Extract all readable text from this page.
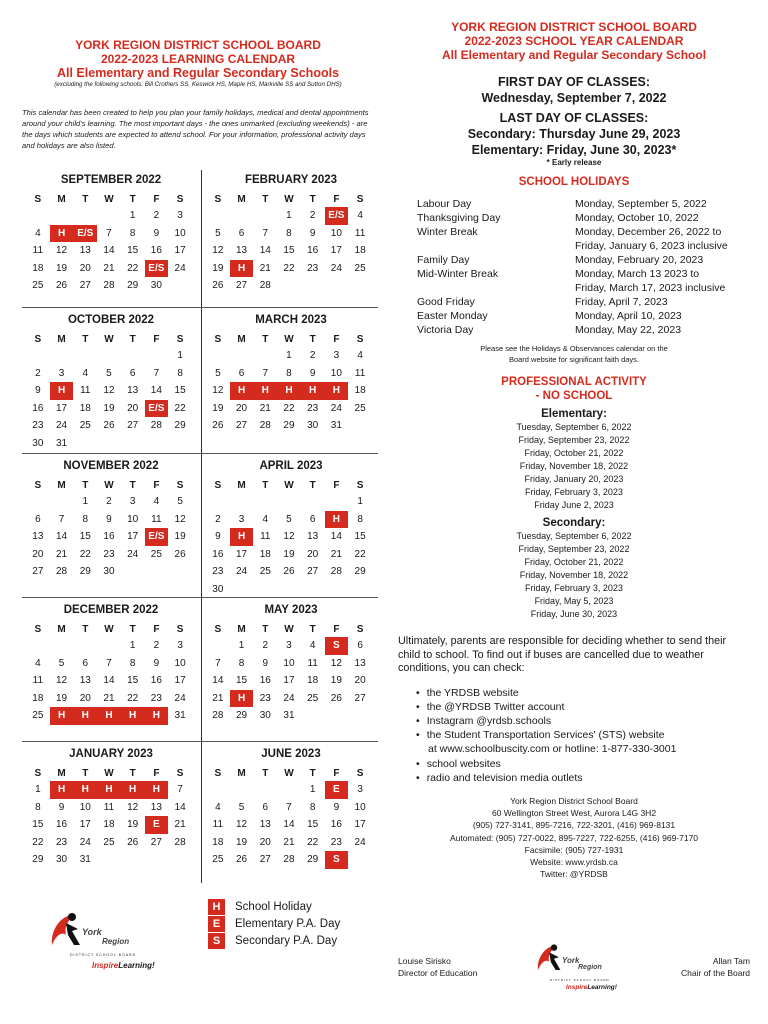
YORK REGION DISTRICT SCHOOL BOARD
2022-2023 LEARNING CALENDAR
All Elementary and Regular Secondary Schools
(excluding the following schools: Bill Crothers SS, Keswick HS, Maple HS, Markville SS and Sutton DHS)
This calendar has been created to help you plan your family holidays, medical and dental appointments around your child's learning. The most important days - the ones unmarked (excluding weekends) - are the days which students are expected to attend school. For your information, professional activity days and holidays are also listed.
SEPTEMBER 2022
S	M	T	W	T	F	S
				1	2	3
4	H	E/S	7	8	9	10
11	12	13	14	15	16	17
18	19	20	21	22	E/S	24
25	26	27	28	29	30	
OCTOBER 2022
S	M	T	W	T	F	S
						1
2	3	4	5	6	7	8
9	H	11	12	13	14	15
16	17	18	19	20	E/S	22
23	24	25	26	27	28	29
30	31					
NOVEMBER 2022
S	M	T	W	T	F	S
		1	2	3	4	5
6	7	8	9	10	11	12
13	14	15	16	17	E/S	19
20	21	22	23	24	25	26
27	28	29	30			
DECEMBER 2022
S	M	T	W	T	F	S
				1	2	3
4	5	6	7	8	9	10
11	12	13	14	15	16	17
18	19	20	21	22	23	24
25	H	H	H	H	H	31
JANUARY 2023
S	M	T	W	T	F	S
1	H	H	H	H	H	7
8	9	10	11	12	13	14
15	16	17	18	19	E	21
22	23	24	25	26	27	28
29	30	31				
FEBRUARY 2023
S	M	T	W	T	F	S
			1	2	E/S	4
5	6	7	8	9	10	11
12	13	14	15	16	17	18
19	H	21	22	23	24	25
26	27	28				
MARCH 2023
S	M	T	W	T	F	S
			1	2	3	4
5	6	7	8	9	10	11
12	H	H	H	H	H	18
19	20	21	22	23	24	25
26	27	28	29	30	31	
APRIL 2023
S	M	T	W	T	F	S
						1
2	3	4	5	6	H	8
9	H	11	12	13	14	15
16	17	18	19	20	21	22
23	24	25	26	27	28	29
30						
MAY 2023
S	M	T	W	T	F	S
	1	2	3	4	S	6
7	8	9	10	11	12	13
14	15	16	17	18	19	20
21	H	23	24	25	26	27
28	29	30	31			
JUNE 2023
S	M	T	W	T	F	S
				1	E	3
4	5	6	7	8	9	10
11	12	13	14	15	16	17
18	19	20	21	22	23	24
25	26	27	28	29	S	
H	School Holiday
E	Elementary P.A. Day
S	Secondary P.A. Day
York
Region
DISTRICT SCHOOL BOARD
InspireLearning!
YORK REGION DISTRICT SCHOOL BOARD
2022-2023 SCHOOL YEAR CALENDAR
All Elementary and Regular Secondary School
FIRST DAY OF CLASSES:
Wednesday, September 7, 2022
LAST DAY OF CLASSES:
Secondary: Thursday June 29, 2023
Elementary: Friday, June 30, 2023*
* Early release
SCHOOL HOLIDAYS
Labour Day	Monday, September 5, 2022
Thanksgiving Day	Monday, October 10, 2022
Winter Break	Monday, December 26, 2022 to
	Friday, January 6, 2023 inclusive
Family Day	Monday, February 20, 2023
Mid-Winter Break	Monday, March 13 2023 to
	Friday, March 17, 2023 inclusive
Good Friday	Friday, April 7, 2023
Easter Monday	Monday, April 10, 2023
Victoria Day	Monday, May 22, 2023
Please see the Holidays & Observances calendar on the
Board website for significant faith days.
PROFESSIONAL ACTIVITY
- NO SCHOOL
Elementary:
Tuesday, September 6, 2022
Friday, September 23, 2022
Friday, October 21, 2022
Friday, November 18, 2022
Friday, January 20, 2023
Friday, February 3, 2023
Friday June 2, 2023
Secondary:
Tuesday, September 6, 2022
Friday, September 23, 2022
Friday, October 21, 2022
Friday, November 18, 2022
Friday, February 3, 2023
Friday, May 5, 2023
Friday, June 30, 2023
Ultimately, parents are responsible for deciding whether to send their child to school. To find out if buses are cancelled due to weather conditions, you can check:
• the YRDSB website
• the @YRDSB Twitter account
• Instagram @yrdsb.schools
• the Student Transportation Services' (STS) website
at www.schoolbuscity.com or hotline: 1-877-330-3001
• school websites
• radio and television media outlets
York Region District School Board
60 Wellington Street West, Aurora L4G 3H2
(905) 727-3141, 895-7216, 722-3201, (416) 969-8131
Automated: (905) 727-0022, 895-7227, 722-6255, (416) 969-7170
Facsimile: (905) 727-1931
Website: www.yrdsb.ca
Twitter: @YRDSB
Louise Sirisko
Director of Education
Allan Tam
Chair of the Board
York
Region
DISTRICT SCHOOL BOARD
InspireLearning!
